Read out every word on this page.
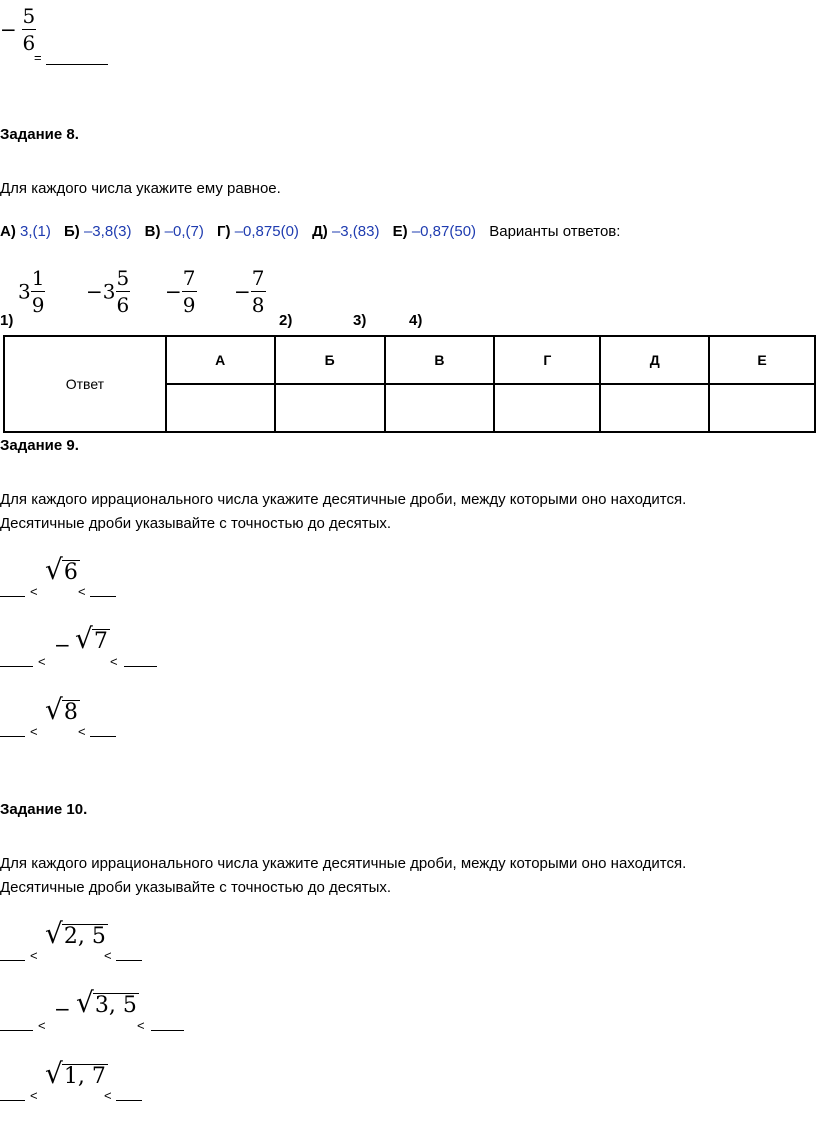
− $\frac{5}{6}$
=
Задание 8.
Для каждого числа укажите ему равное.
А) 3,(1) Б) –3,8(3) В) –0,(7) Г) –0,875(0) Д) –3,(83) Е) –0,87(50) Варианты ответов:
$3 \frac{1}{9} -3 \frac{5}{6} - \frac{7}{9} - \frac{7}{8}$
1)	2)	3)	4)
Ответ	А	Б	В	Г	Д	Е

Задание 9.
Для каждого иррационального числа укажите десятичные дроби, между которыми оно находится.
Десятичные дроби указывайте с точностью до десятых.
<
√ 6
<
<
− √ 7
<
<
√ 8
<
Задание 10.
Для каждого иррационального числа укажите десятичные дроби, между которыми оно находится.
Десятичные дроби указывайте с точностью до десятых.
<
√ 2, 5
<
<
− √ 3, 5
<
<
√ 1, 7
<
